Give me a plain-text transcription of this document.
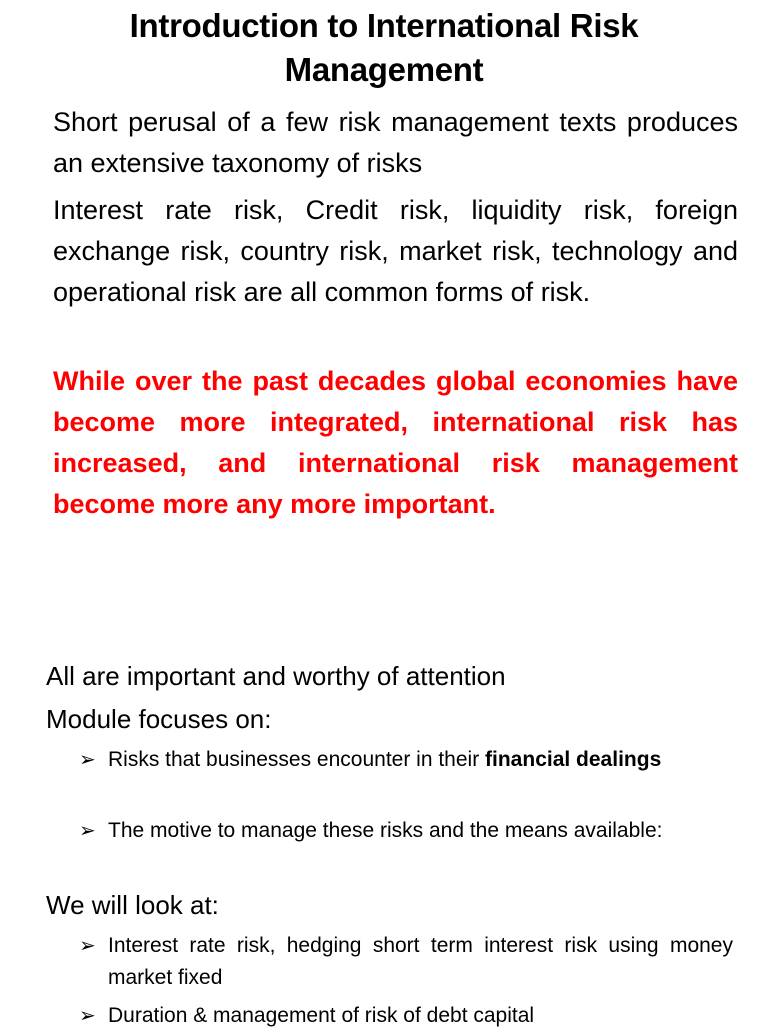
Introduction to International Risk Management
Short perusal of a few risk management texts produces an extensive taxonomy of risks
Interest rate risk, Credit risk, liquidity risk, foreign exchange risk, country risk, market risk, technology and operational risk are all common forms of risk.
While over the past decades global economies have become more integrated, international risk has increased, and international risk management become more any more important.
All are important and worthy of attention
Module focuses on:
➢ Risks that businesses encounter in their financial dealings
➢ The motive to manage these risks and the means available:
We will look at:
➢ Interest rate risk, hedging short term interest risk using money market fixed
➢ Duration & management of risk of debt capital
